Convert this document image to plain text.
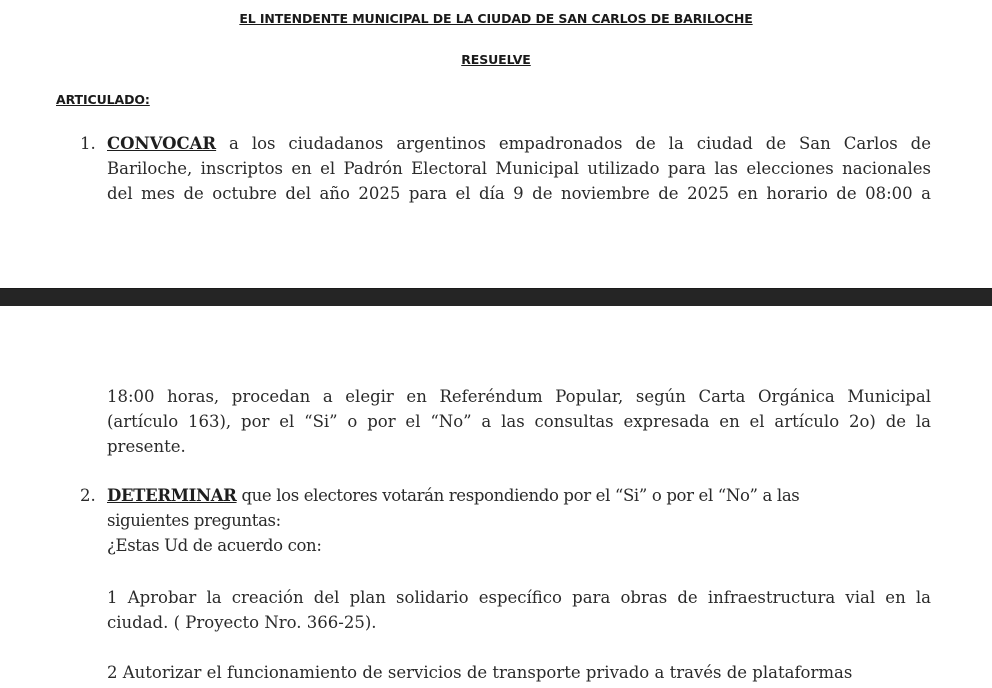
EL INTENDENTE MUNICIPAL DE LA CIUDAD DE SAN CARLOS DE BARILOCHE
RESUELVE
ARTICULADO:
1. CONVOCAR a los ciudadanos argentinos empadronados de la ciudad de San Carlos de
Bariloche, inscriptos en el Padrón Electoral Municipal utilizado para las elecciones nacionales
del mes de octubre del año 2025 para el día 9 de noviembre de 2025 en horario de 08:00 a
18:00 horas, procedan a elegir en Referéndum Popular, según Carta Orgánica Municipal
(artículo 163), por el “Si” o por el “No” a las consultas expresada en el artículo 2o) de la
presente.
2. DETERMINAR que los electores votarán respondiendo por el “Si” o por el “No” a las
siguientes preguntas:
¿Estas Ud de acuerdo con:
1 Aprobar la creación del plan solidario específico para obras de infraestructura vial en la
ciudad. ( Proyecto Nro. 366-25).
2 Autorizar el funcionamiento de servicios de transporte privado a través de plataformas
